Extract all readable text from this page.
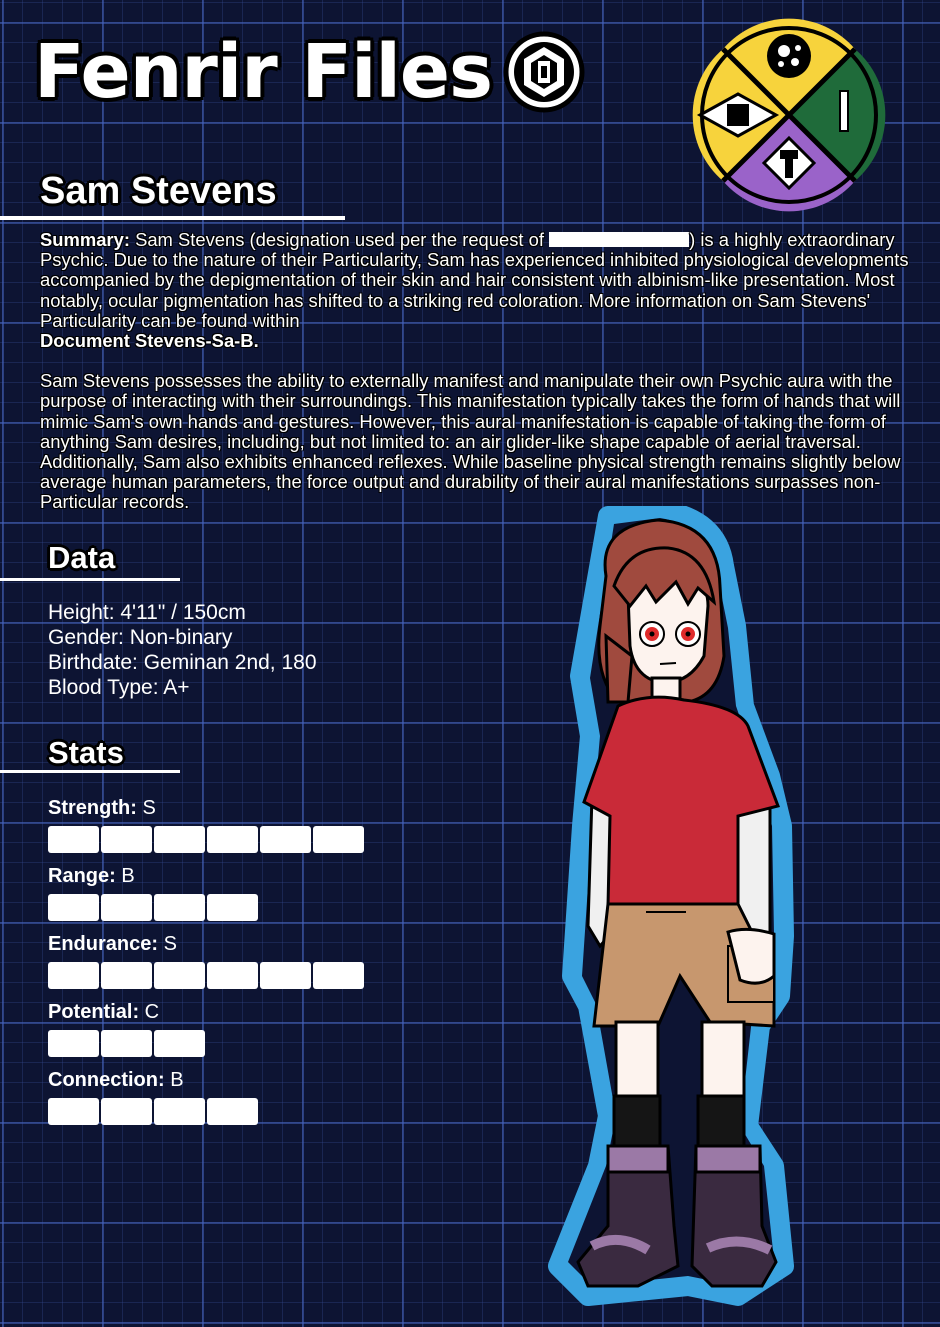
Fenrir Files
Sam Stevens

Summary: Sam Stevens (designation used per the request of	) is a highly extraordinary Psychic. Due to the nature of their Particularity, Sam has experienced inhibited physiological developments accompanied by the depigmentation of their skin and hair consistent with albinism-like presentation. Most notably, ocular pigmentation has shifted to a striking red coloration. More information on Sam Stevens' Particularity can be found within
Document Stevens-Sa-B.

Sam Stevens possesses the ability to externally manifest and manipulate their own Psychic aura with the purpose of interacting with their surroundings. This manifestation typically takes the form of hands that will mimic Sam's own hands and gestures. However, this aural manifestation is capable of taking the form of anything Sam desires, including, but not limited to: an air glider-like shape capable of aerial traversal. Additionally, Sam also exhibits enhanced reflexes. While baseline physical strength remains slightly below average human parameters, the force output and durability of their aural manifestations surpasses non-Particular records.

Data
Height: 4'11" / 150cm
Gender: Non-binary
Birthdate: Geminan 2nd, 180
Blood Type: A+
Stats
Strength: S
Range: B
Endurance: S
Potential: C
Connection: B
